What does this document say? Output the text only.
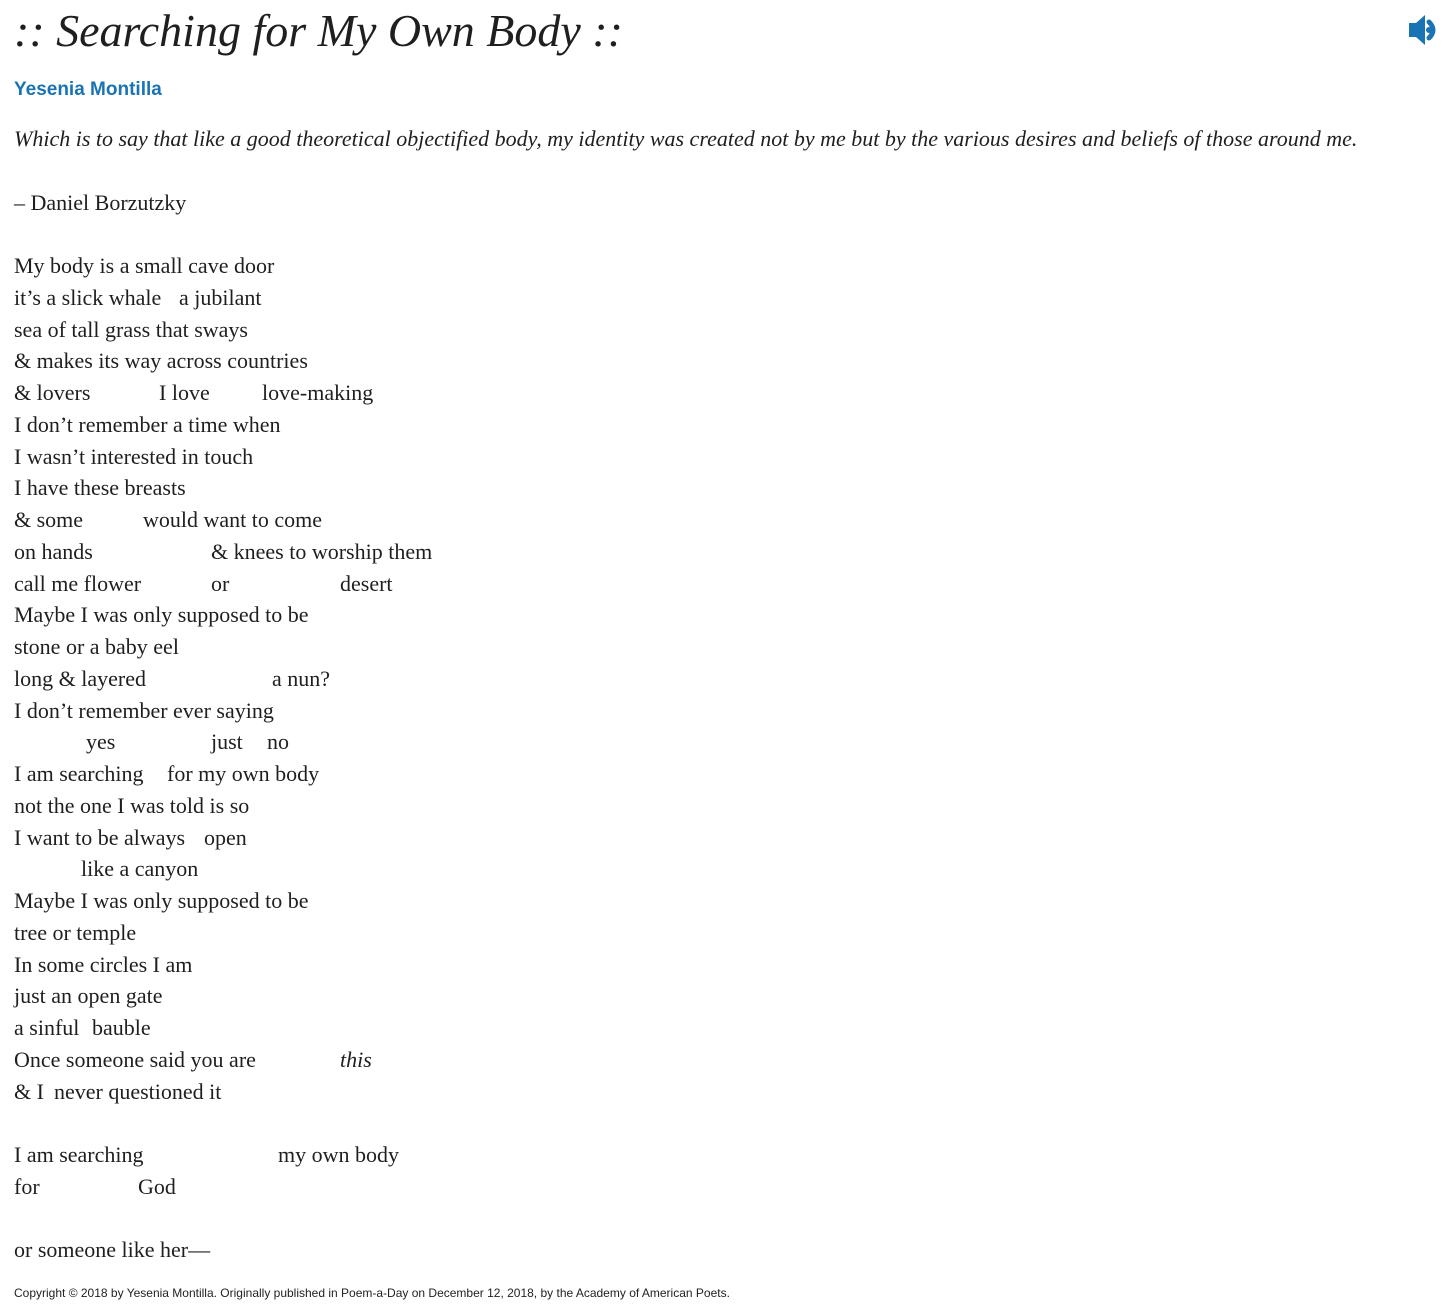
:: Searching for My Own Body ::
Yesenia Montilla
Which is to say that like a good theoretical objectified body, my identity was created not by me but by the various desires and beliefs of those around me.
– Daniel Borzutzky
My body is a small cave door
it’s a slick whale a jubilant
sea of tall grass that sways
& makes its way across countries
& lovers	I love love-making
I don’t remember a time when
I wasn’t interested in touch
I have these breasts
& some	would want to come
on hands	& knees to worship them
call me flower	or	desert
Maybe I was only supposed to be
stone or a baby eel
long & layered	a nun?
I don’t remember ever saying
yes	just no
I am searching for my own body
not the one I was told is so
I want to be always open
like a canyon
Maybe I was only supposed to be
tree or temple
In some circles I am
just an open gate
a sinful bauble
Once someone said you are	this
& I never questioned it
I am searching	my own body
for	God
or someone like her—
Copyright © 2018 by Yesenia Montilla. Originally published in Poem-a-Day on December 12, 2018, by the Academy of American Poets.
